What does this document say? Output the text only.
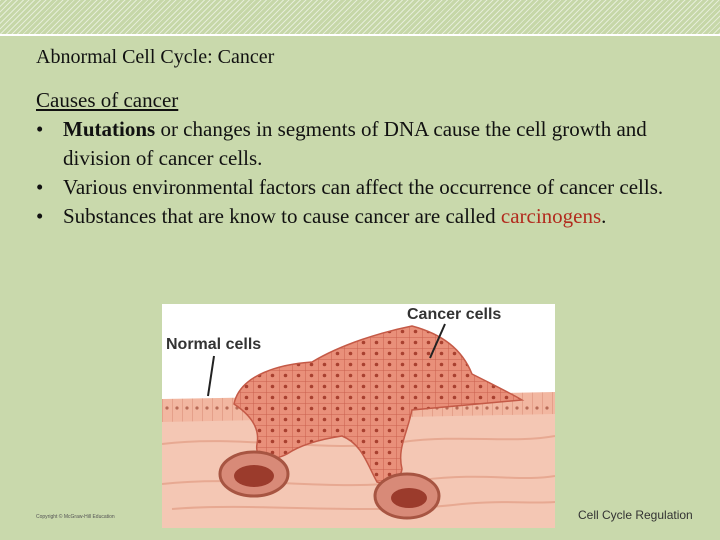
Abnormal Cell Cycle: Cancer
Causes of cancer
• Mutations or changes in segments of DNA cause the cell growth and division of cancer cells.
• Various environmental factors can affect the occurrence of cancer cells.
• Substances that are know to cause cancer are called carcinogens.
Cancer cells
Normal cells
Copyright © McGraw-Hill Education	Cell Cycle Regulation
